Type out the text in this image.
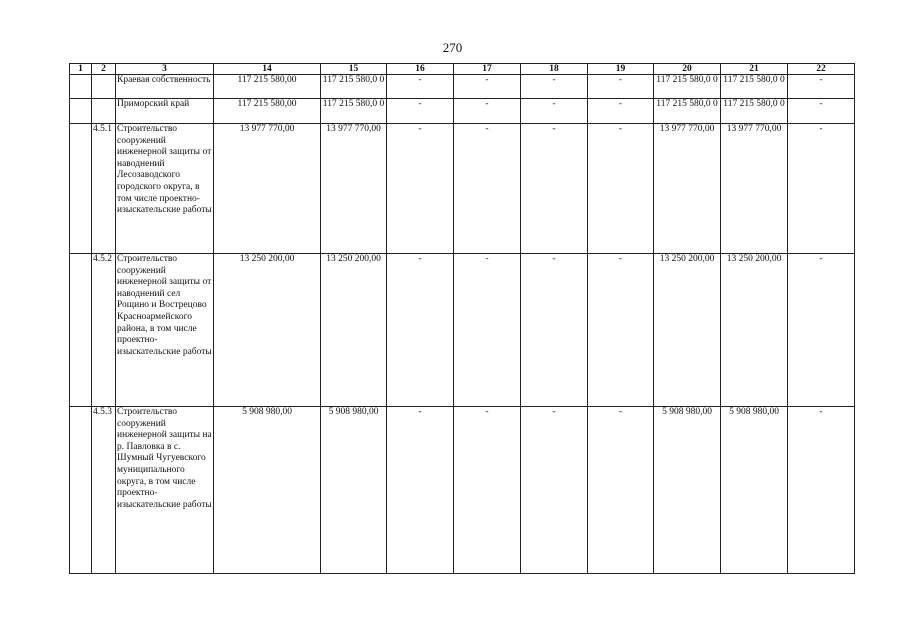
270
1	2	3	14	15	16	17	18	19	20	21	22
		Краевая собственность	117 215 580,00	117 215 580,0 0	-	-	-	-	117 215 580,0 0	117 215 580,0 0	-
		Приморский край	117 215 580,00	117 215 580,0 0	-	-	-	-	117 215 580,0 0	117 215 580,0 0	-
	4.5.1	Строительство сооружений инженерной защиты от наводнений Лесозаводского городского округа, в том числе проектно-изыскательские работы	13 977 770,00	13 977 770,00	-	-	-	-	13 977 770,00	13 977 770,00	-
	4.5.2	Строительство сооружений инженерной защиты от наводнений сел Рощино и Вострецово Красноармейского района, в том числе проектно-изыскательские работы	13 250 200,00	13 250 200,00	-	-	-	-	13 250 200,00	13 250 200,00	-
	4.5.3	Строительство сооружений инженерной защиты на р. Павловка в с. Шумный Чугуевского муниципального округа, в том числе проектно-изыскательские работы	5 908 980,00	5 908 980,00	-	-	-	-	5 908 980,00	5 908 980,00	-
